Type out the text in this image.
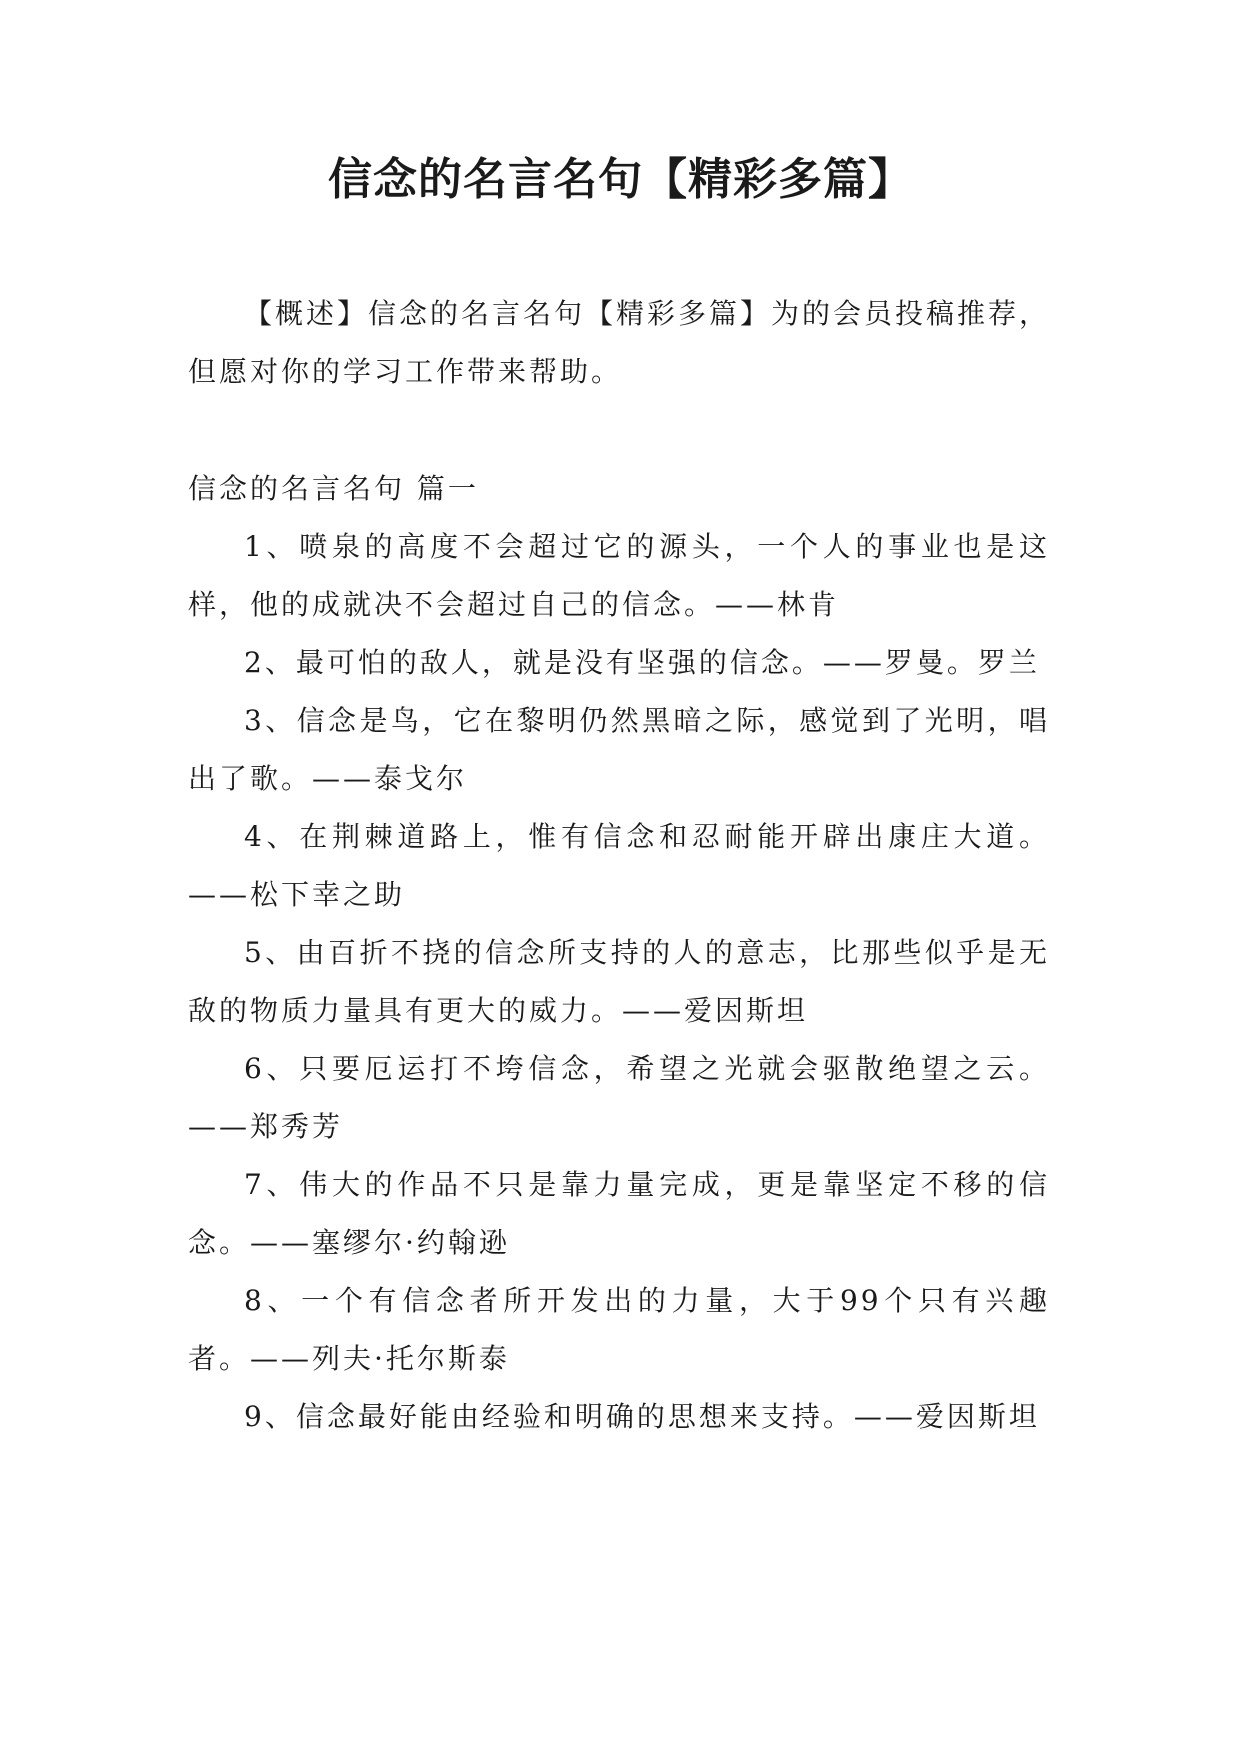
信念的名言名句【精彩多篇】

【概述】信念的名言名句【精彩多篇】为的会员投稿推荐，但愿对你的学习工作带来帮助。

信念的名言名句 篇一

1、喷泉的高度不会超过它的源头，一个人的事业也是这样，他的成就决不会超过自己的信念。——林肯

2、最可怕的敌人，就是没有坚强的信念。——罗曼。罗兰

3、信念是鸟，它在黎明仍然黑暗之际，感觉到了光明，唱出了歌。——泰戈尔

4、在荆棘道路上，惟有信念和忍耐能开辟出康庄大道。——松下幸之助

5、由百折不挠的信念所支持的人的意志，比那些似乎是无敌的物质力量具有更大的威力。——爱因斯坦

6、只要厄运打不垮信念，希望之光就会驱散绝望之云。——郑秀芳

7、伟大的作品不只是靠力量完成，更是靠坚定不移的信念。——塞缪尔·约翰逊

8、一个有信念者所开发出的力量，大于99个只有兴趣者。——列夫·托尔斯泰

9、信念最好能由经验和明确的思想来支持。——爱因斯坦
